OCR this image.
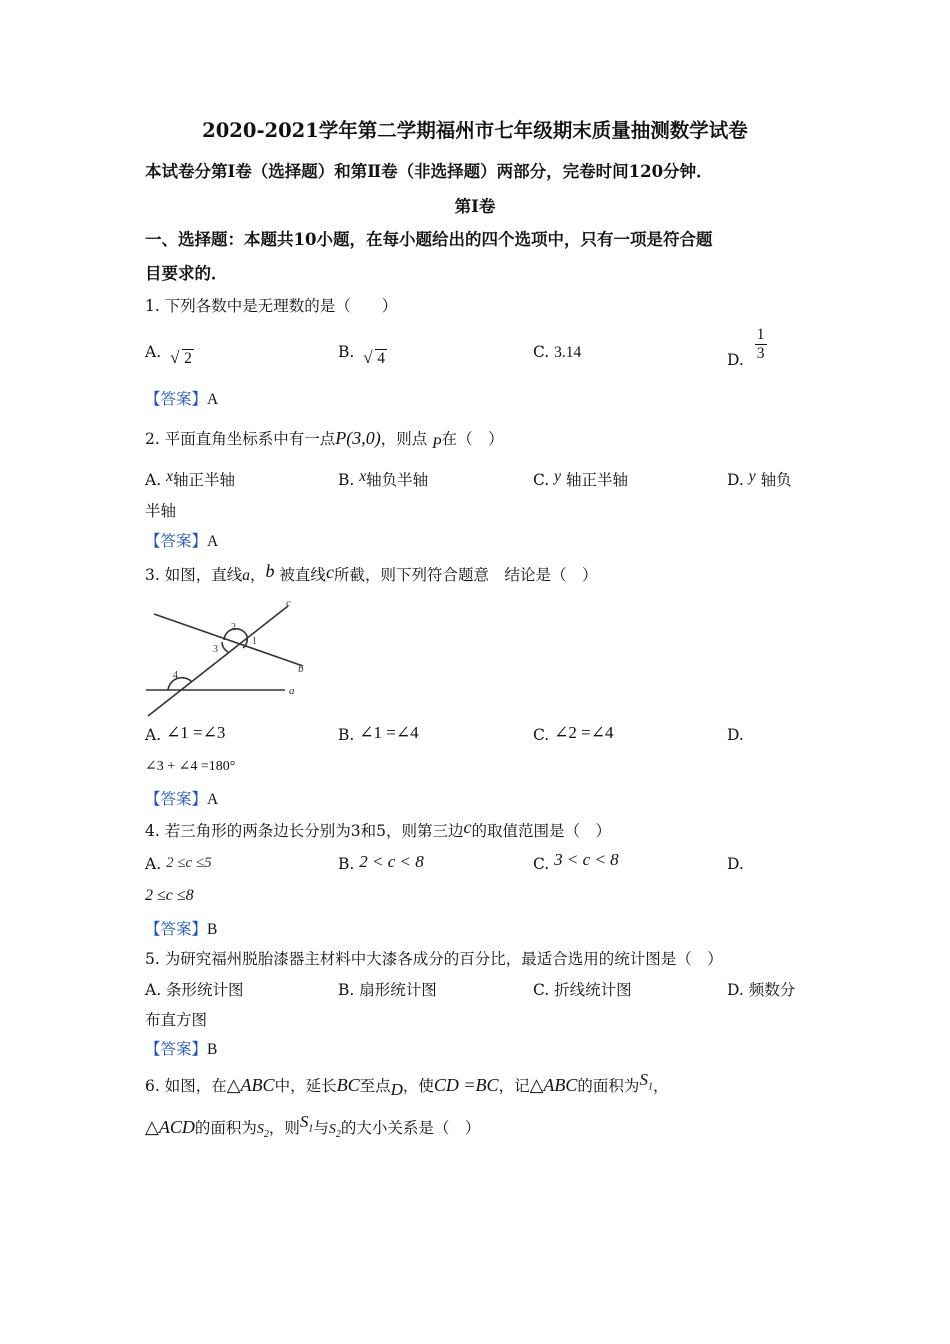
2020-2021学年第二学期福州市七年级期末质量抽测数学试卷
本试卷分第Ⅰ卷（选择题）和第Ⅱ卷（非选择题）两部分，完卷时间120分钟．
第Ⅰ卷
一、选择题：本题共10小题，在每小题给出的四个选项中，只有一项是符合题
目要求的．
1. 下列各数中是无理数的是（　　）
A. √ 2	B. √ 4	C. 3.14	D. $\frac{1}{3}$
【答案】A
2. 平面直角坐标系中有一点P(3,0)，则点 P在（　）
A. x轴正半轴	B. x轴负半轴	C. y 轴正半轴	D. y 轴负
半轴
【答案】A
3. 如图，直线a，b 被直线c所截，则下列符合题意　结论是（　）
c
b
a
2
1
3
4
A. ∠1 =∠3	B. ∠1 =∠4	C. ∠2 =∠4	D.
∠3 + ∠4 =180°
【答案】A
4. 若三角形的两条边长分别为3和5，则第三边c的取值范围是（　）
A. 2 ≤c ≤5	B. 2 < c < 8	C. 3 < c < 8	D.
2 ≤c ≤8
【答案】B
5. 为研究福州脱胎漆器主材料中大漆各成分的百分比，最适合选用的统计图是（　）
A. 条形统计图	B. 扇形统计图	C. 折线统计图	D. 频数分
布直方图
【答案】B
6. 如图，在△ABC中，延长BC至点D，使CD =BC，记△ABC的面积为$S_1$，
△ACD的面积为$S_2$，则$S_1$与$S_2$的大小关系是（　）
